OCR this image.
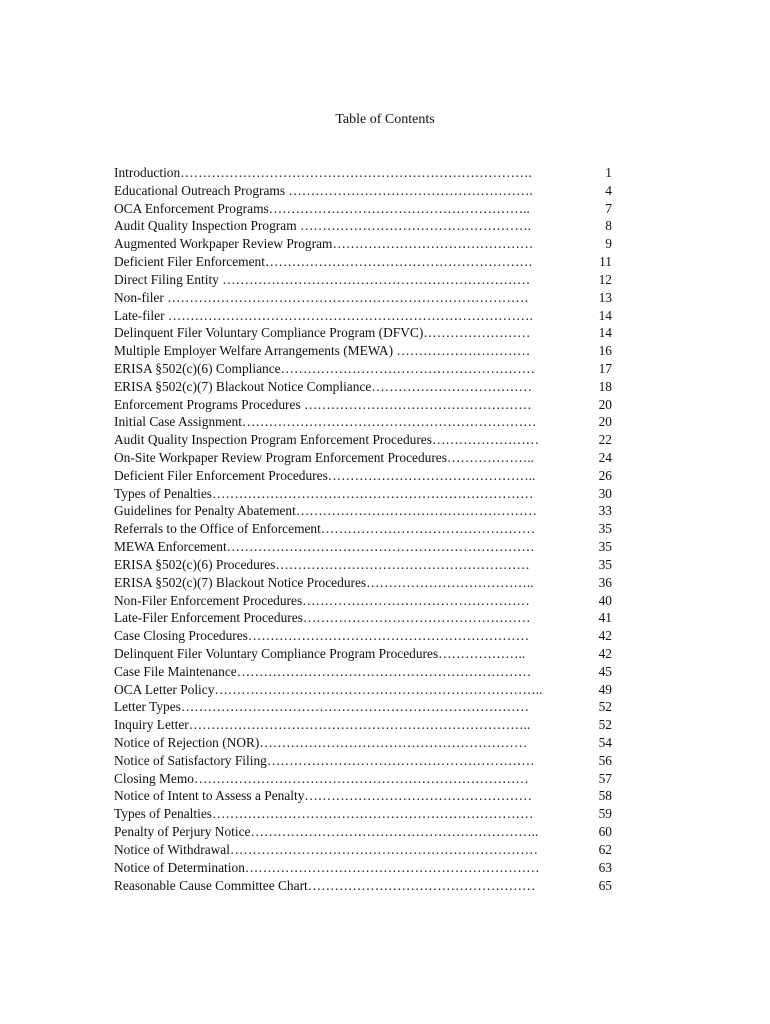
Table of Contents
Introduction…………………………………………………………………….	1
Educational Outreach Programs ……………………………………………….	4
OCA Enforcement Programs…………………………………………………..	7
Audit Quality Inspection Program …………………………………………….	8
Augmented Workpaper Review Program………………………………………	9
Deficient Filer Enforcement……………………………………………………	11
Direct Filing Entity ……………………………………………………………	12
Non-filer ………………………………………………………………………	13
Late-filer ……………………………………………………………………….	14
Delinquent Filer Voluntary Compliance Program (DFVC)……………………	14
Multiple Employer Welfare Arrangements (MEWA) …………………………	16
ERISA §502(c)(6) Compliance…………………………………………………	17
ERISA §502(c)(7) Blackout Notice Compliance………………………………	18
Enforcement Programs Procedures ……………………………………………	20
Initial Case Assignment…………………………………………………………	20
Audit Quality Inspection Program Enforcement Procedures……………………	22
On-Site Workpaper Review Program Enforcement Procedures………………..	24
Deficient Filer Enforcement Procedures………………………………………..	26
Types of Penalties………………………………………………………………	30
Guidelines for Penalty Abatement………………………………………………	33
Referrals to the Office of Enforcement…………………………………………	35
MEWA Enforcement……………………………………………………………	35
ERISA §502(c)(6) Procedures…………………………………………………	35
ERISA §502(c)(7) Blackout Notice Procedures………………………………..	36
Non-Filer Enforcement Procedures……………………………………………	40
Late-Filer Enforcement Procedures……………………………………………	41
Case Closing Procedures………………………………………………………	42
Delinquent Filer Voluntary Compliance Program Procedures………………..	42
Case File Maintenance…………………………………………………………	45
OCA Letter Policy………………………………………………………………..	49
Letter Types……………………………………………………………………	52
Inquiry Letter…………………………………………………………………..	52
Notice of Rejection (NOR)……………………………………………………	54
Notice of Satisfactory Filing……………………………………………………	56
Closing Memo…………………………………………………………………	57
Notice of Intent to Assess a Penalty……………………………………………	58
Types of Penalties………………………………………………………………	59
Penalty of Perjury Notice………………………………………………………..	60
Notice of Withdrawal……………………………………………………………	62
Notice of Determination…………………………………………………………	63
Reasonable Cause Committee Chart……………………………………………	65
